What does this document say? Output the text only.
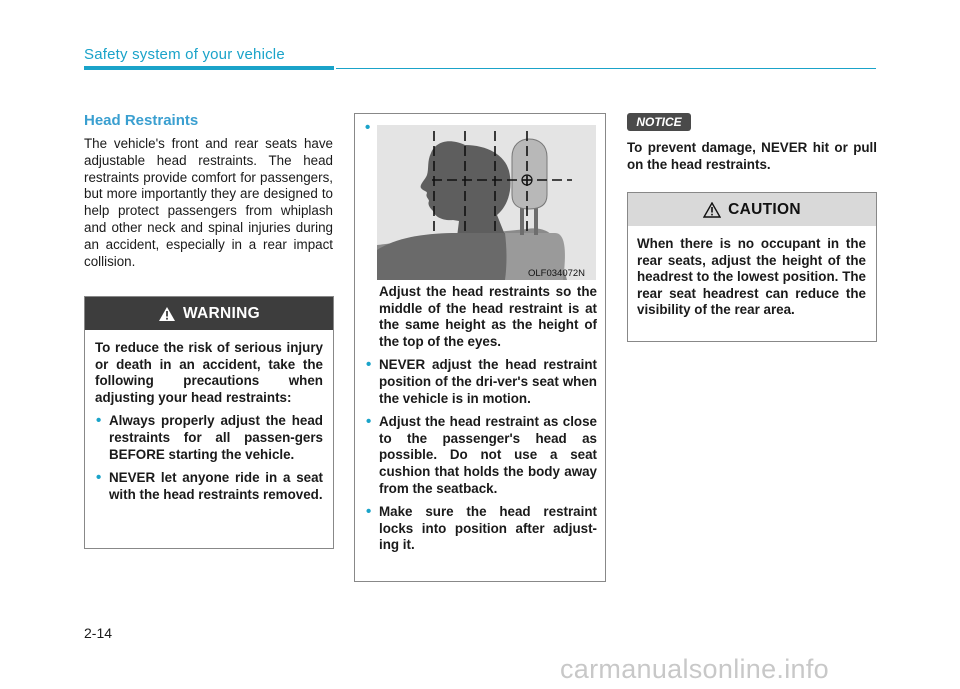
Safety system of your vehicle
Head Restraints
The vehicle's front and rear seats have adjustable head restraints. The head restraints provide comfort for passengers, but more importantly they are designed to help protect passengers from whiplash and other neck and spinal injuries during an accident, especially in a rear impact collision.
WARNING
To reduce the risk of serious injury or death in an accident, take the following precautions when adjusting your head restraints:
• Always properly adjust the head restraints for all passen-gers BEFORE starting the vehicle.
• NEVER let anyone ride in a seat with the head restraints removed.
Adjust the head restraints so the middle of the head restraint is at the same height as the height of the top of the eyes.
• NEVER adjust the head restraint position of the dri-ver's seat when the vehicle is in motion.
• Adjust the head restraint as close to the passenger's head as possible. Do not use a seat cushion that holds the body away from the seatback.
• Make sure the head restraint locks into position after adjust-ing it.
•
OLF034072N
NOTICE
To prevent damage, NEVER hit or pull on the head restraints.
CAUTION
When there is no occupant in the rear seats, adjust the height of the headrest to the lowest position. The rear seat headrest can reduce the visibility of the rear area.
2-14
carmanualsonline.info
